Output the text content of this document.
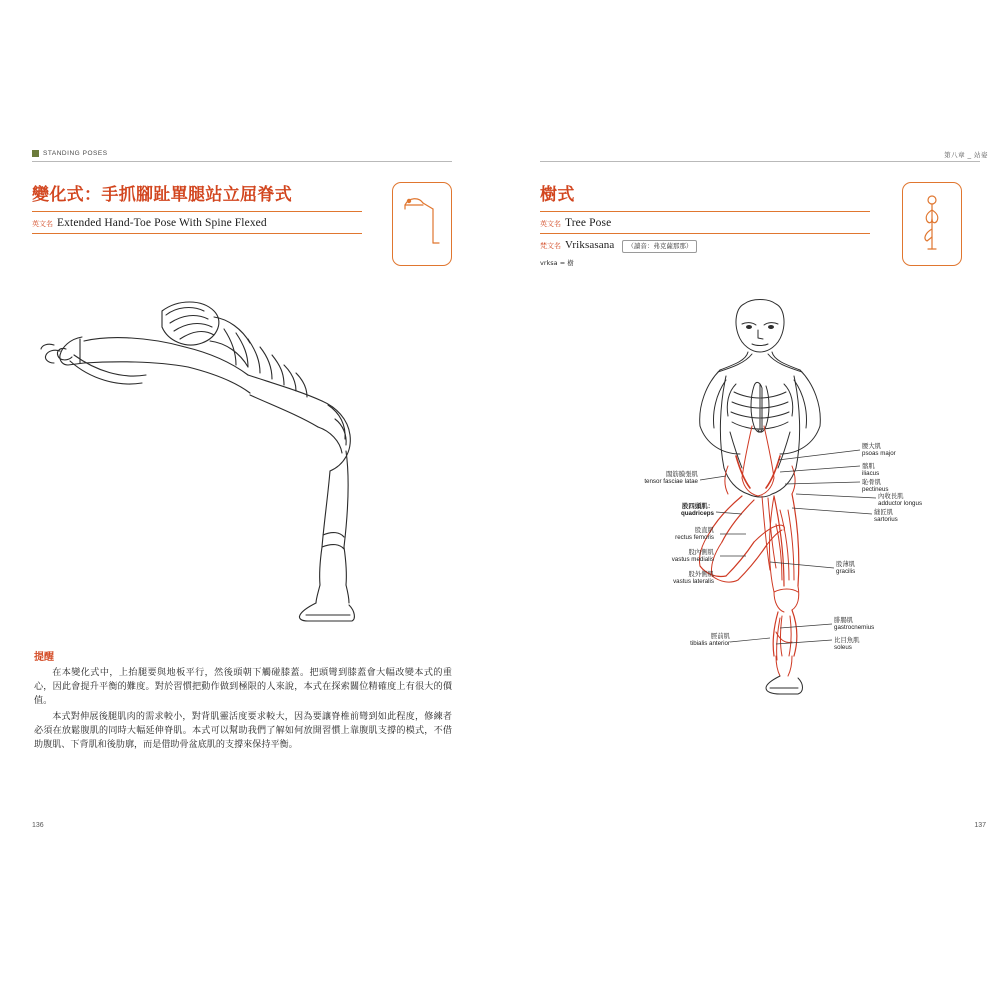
STANDING POSES
變化式：手抓腳趾單腿站立屈脊式
英文名 Extended Hand-Toe Pose With Spine Flexed
提醒

在本變化式中，上抬腿要與地板平行，然後頭朝下觸碰膝蓋。把頭彎到膝蓋會大幅改變本式的重心，因此會提升平衡的難度。對於習慣把動作做到極限的人來說，本式在探索關位精確度上有很大的價值。

本式對伸展後腿肌肉的需求較小，對背肌靈活度要求較大，因為要讓脊椎前彎到如此程度，修練者必須在放鬆腹肌的同時大幅延伸脊肌。本式可以幫助我們了解如何放開習慣上靠腹肌支撐的模式，不借助腹肌、下背肌和後肋廓，而是借助骨盆底肌的支撐來保持平衡。

136
第八章 _ 站姿
樹式
英文名 Tree Pose
梵文名 Vriksasana	（讀音：弗克薩那那）
vrksa = 樹
腰大肌
psoas major
髂肌
iliacus
恥骨肌
pectineus
內收長肌
adductor longus
縫匠肌
sartorius
闊筋膜張肌
tensor fasciae latae
股四頭肌：
quadriceps
股直肌
rectus femoris
股內側肌
vastus medialis
股外側肌
vastus lateralis
股薄肌
gracilis
腓腸肌
gastrocnemius
脛前肌
tibialis anterior	比目魚肌
soleus
137
